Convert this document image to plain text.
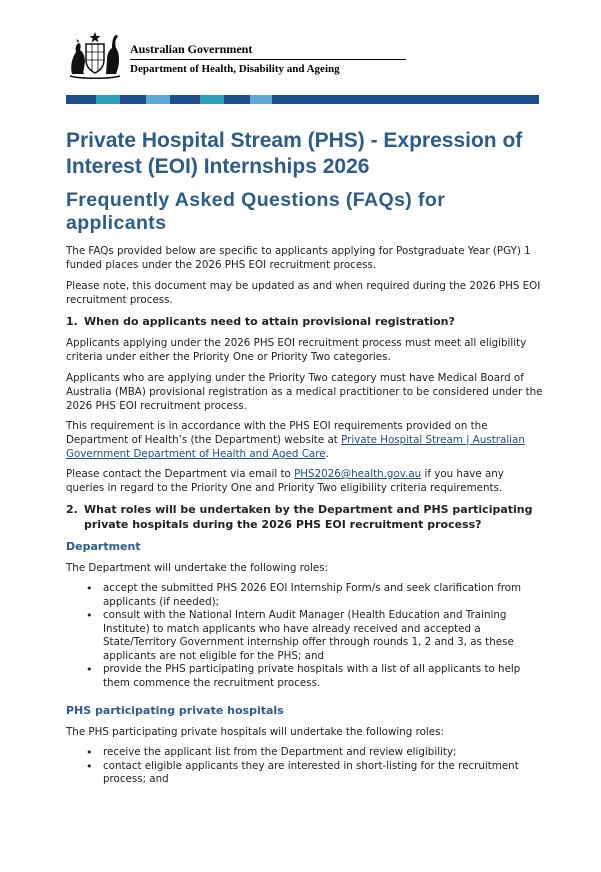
Australian Government
Department of Health, Disability and Ageing
Private Hospital Stream (PHS) - Expression of Interest (EOI) Internships 2026
Frequently Asked Questions (FAQs) for applicants

The FAQs provided below are specific to applicants applying for Postgraduate Year (PGY) 1 funded places under the 2026 PHS EOI recruitment process.

Please note, this document may be updated as and when required during the 2026 PHS EOI recruitment process.

1. When do applicants need to attain provisional registration?

Applicants applying under the 2026 PHS EOI recruitment process must meet all eligibility criteria under either the Priority One or Priority Two categories.

Applicants who are applying under the Priority Two category must have Medical Board of Australia (MBA) provisional registration as a medical practitioner to be considered under the 2026 PHS EOI recruitment process.

This requirement is in accordance with the PHS EOI requirements provided on the Department of Health’s (the Department) website at Private Hospital Stream | Australian Government Department of Health and Aged Care.

Please contact the Department via email to PHS2026@health.gov.au if you have any queries in regard to the Priority One and Priority Two eligibility criteria requirements.

2. What roles will be undertaken by the Department and PHS participating private hospitals during the 2026 PHS EOI recruitment process?
Department

The Department will undertake the following roles:

• accept the submitted PHS 2026 EOI Internship Form/s and seek clarification from applicants (if needed);
• consult with the National Intern Audit Manager (Health Education and Training Institute) to match applicants who have already received and accepted a State/Territory Government internship offer through rounds 1, 2 and 3, as these applicants are not eligible for the PHS; and
• provide the PHS participating private hospitals with a list of all applicants to help them commence the recruitment process.
PHS participating private hospitals

The PHS participating private hospitals will undertake the following roles:

• receive the applicant list from the Department and review eligibility;
• contact eligible applicants they are interested in short-listing for the recruitment process; and
